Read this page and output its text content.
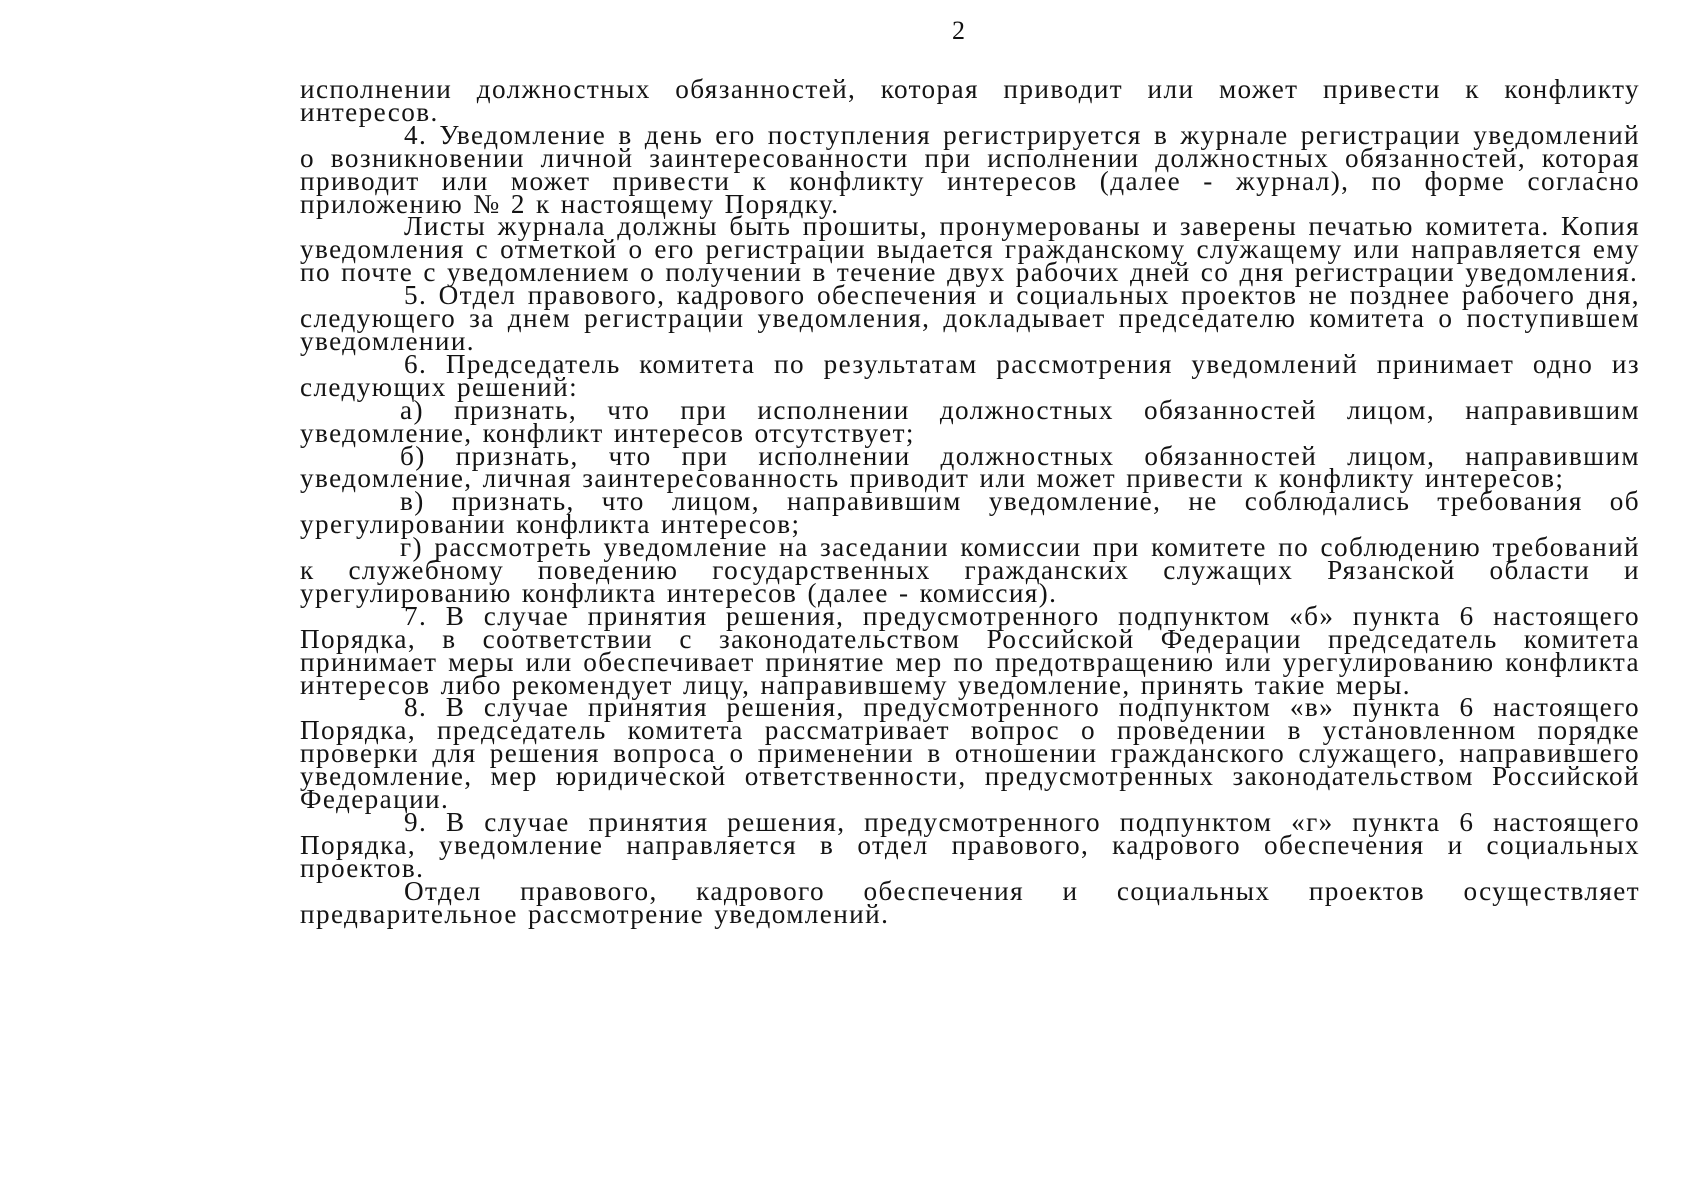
2

исполнении должностных обязанностей, которая приводит или может привести к конфликту интересов.

4. Уведомление в день его поступления регистрируется в журнале регистрации уведомлений о возникновении личной заинтересованности при исполнении должностных обязанностей, которая приводит или может привести к конфликту интересов (далее - журнал), по форме согласно приложению № 2 к настоящему Порядку.

Листы журнала должны быть прошиты, пронумерованы и заверены печатью комитета. Копия уведомления с отметкой о его регистрации выдается гражданскому служащему или направляется ему по почте с уведомлением о получении в течение двух рабочих дней со дня регистрации уведомления.

5. Отдел правового, кадрового обеспечения и социальных проектов не позднее рабочего дня, следующего за днем регистрации уведомления, докладывает председателю комитета о поступившем уведомлении.

6. Председатель комитета по результатам рассмотрения уведомлений принимает одно из следующих решений:

а) признать, что при исполнении должностных обязанностей лицом, направившим уведомление, конфликт интересов отсутствует;

б) признать, что при исполнении должностных обязанностей лицом, направившим уведомление, личная заинтересованность приводит или может привести к конфликту интересов;

в) признать, что лицом, направившим уведомление, не соблюдались требования об урегулировании конфликта интересов;

г) рассмотреть уведомление на заседании комиссии при комитете по соблюдению требований к служебному поведению государственных гражданских служащих Рязанской области и урегулированию конфликта интересов (далее - комиссия).

7. В случае принятия решения, предусмотренного подпунктом «б» пункта 6 настоящего Порядка, в соответствии с законодательством Российской Федерации председатель комитета принимает меры или обеспечивает принятие мер по предотвращению или урегулированию конфликта интересов либо рекомендует лицу, направившему уведомление, принять такие меры.

8. В случае принятия решения, предусмотренного подпунктом «в» пункта 6 настоящего Порядка, председатель комитета рассматривает вопрос о проведении в установленном порядке проверки для решения вопроса о применении в отношении гражданского служащего, направившего уведомление, мер юридической ответственности, предусмотренных законодательством Российской Федерации.

9. В случае принятия решения, предусмотренного подпунктом «г» пункта 6 настоящего Порядка, уведомление направляется в отдел правового, кадрового обеспечения и социальных проектов.

Отдел правового, кадрового обеспечения и социальных проектов осуществляет предварительное рассмотрение уведомлений.
